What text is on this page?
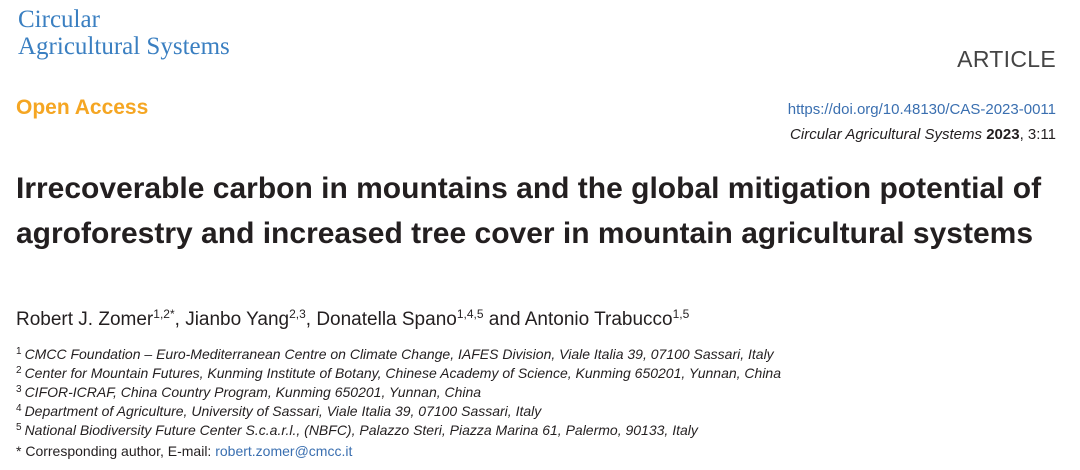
Circular
Agricultural Systems	ARTICLE
Open Access	https://doi.org/10.48130/CAS-2023-0011
Circular Agricultural Systems 2023, 3:11
Irrecoverable carbon in mountains and the global mitigation potential of agroforestry and increased tree cover in mountain agricultural systems
Robert J. Zomer$^{1,2*}$, Jianbo Yang$^{2,3}$, Donatella Spano$^{1,4,5}$ and Antonio Trabucco$^{1,5}$
$^1$ CMCC Foundation – Euro-Mediterranean Centre on Climate Change, IAFES Division, Viale Italia 39, 07100 Sassari, Italy
$^2$ Center for Mountain Futures, Kunming Institute of Botany, Chinese Academy of Science, Kunming 650201, Yunnan, China
$^3$ CIFOR-ICRAF, China Country Program, Kunming 650201, Yunnan, China
$^4$ Department of Agriculture, University of Sassari, Viale Italia 39, 07100 Sassari, Italy
$^5$ National Biodiversity Future Center S.c.a.r.l., (NBFC), Palazzo Steri, Piazza Marina 61, Palermo, 90133, Italy
* Corresponding author, E-mail: robert.zomer@cmcc.it
